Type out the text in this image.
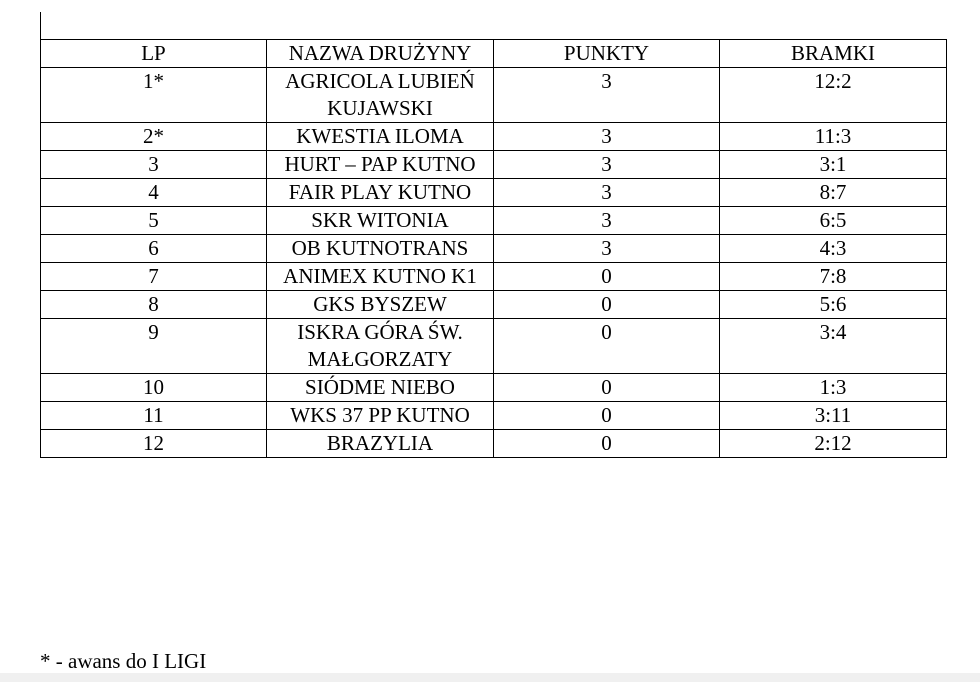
LP	NAZWA DRUŻYNY	PUNKTY	BRAMKI
1*	AGRICOLA LUBIEŃ KUJAWSKI	3	12:2
2*	KWESTIA ILOMA	3	11:3
3	HURT – PAP KUTNO	3	3:1
4	FAIR PLAY KUTNO	3	8:7
5	SKR WITONIA	3	6:5
6	OB KUTNOTRANS	3	4:3
7	ANIMEX KUTNO K1	0	7:8
8	GKS BYSZEW	0	5:6
9	ISKRA GÓRA ŚW. MAŁGORZATY	0	3:4
10	SIÓDME NIEBO	0	1:3
11	WKS 37 PP KUTNO	0	3:11
12	BRAZYLIA	0	2:12
* - awans do I LIGI
